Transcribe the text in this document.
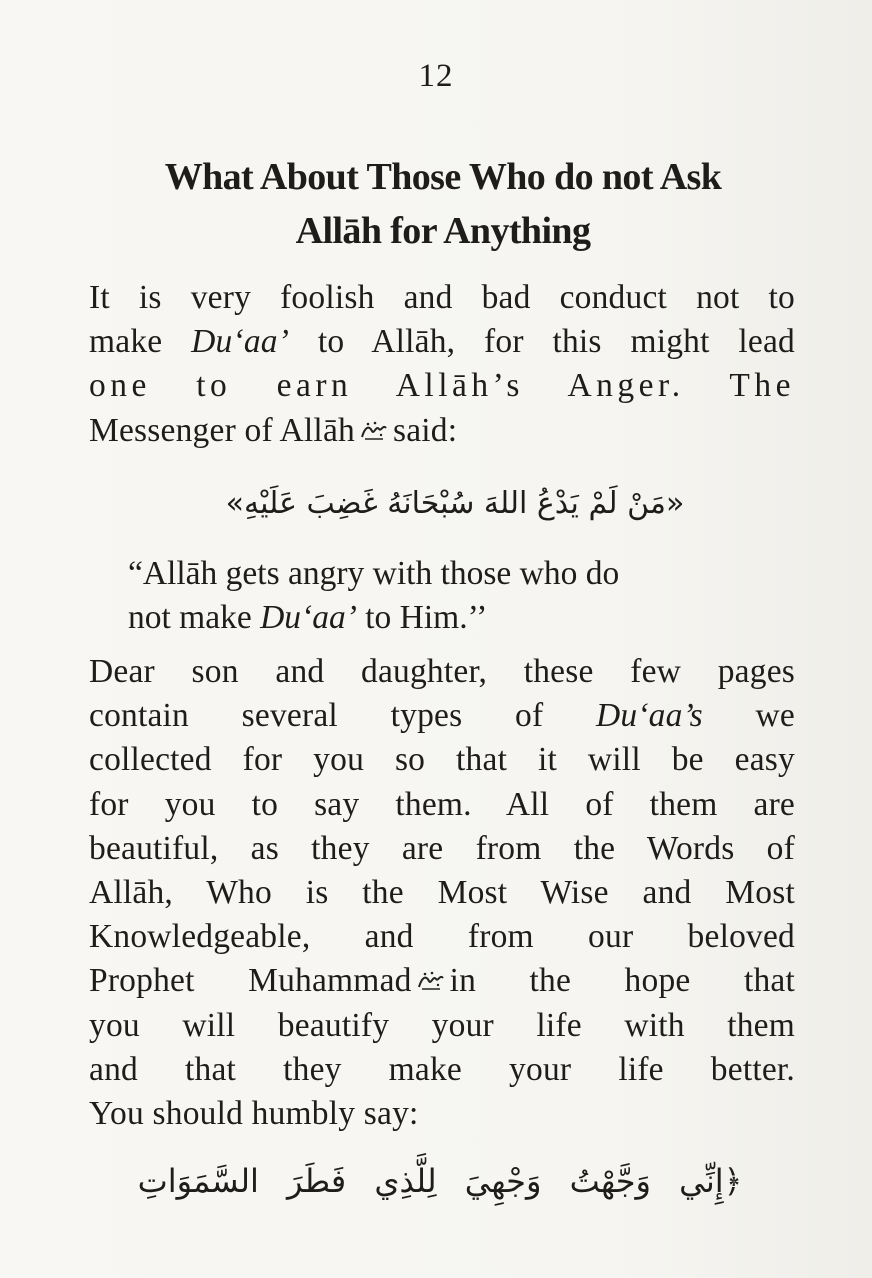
12
What About Those Who do not Ask
Allāh for Anything
It is very foolish and bad conduct not to
make Du‘aa’ to Allāh, for this might lead
one to earn Allāh’s Anger. The
Messenger of Allāh said:
«مَنْ لَمْ يَدْعُ اللهَ سُبْحَانَهُ غَضِبَ عَلَيْهِ»
“Allāh gets angry with those who do
not make Du‘aa’ to Him.’’
Dear son and daughter, these few pages
contain several types of Du‘aa’s we
collected for you so that it will be easy
for you to say them. All of them are
beautiful, as they are from the Words of
Allāh, Who is the Most Wise and Most
Knowledgeable, and from our beloved
Prophet Muhammad in the hope that
you will beautify your life with them
and that they make your life better.
You should humbly say:
﴿إِنِّي وَجَّهْتُ وَجْهِيَ لِلَّذِي فَطَرَ السَّمَوَاتِ
